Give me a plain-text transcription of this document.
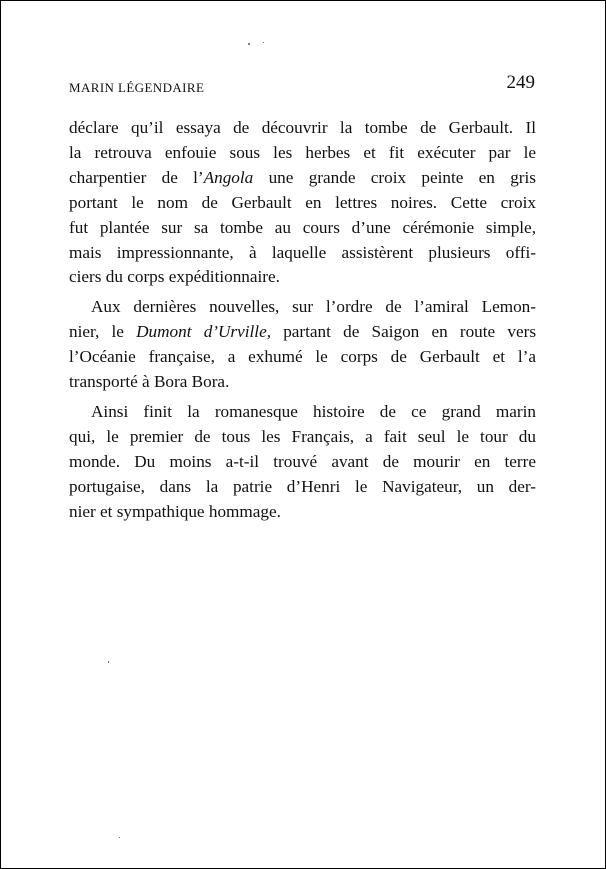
MARIN LÉGENDAIRE	249

déclare qu’il essaya de découvrir la tombe de Gerbault. Il
la retrouva enfouie sous les herbes et fit exécuter par le
charpentier de l’Angola une grande croix peinte en gris
portant le nom de Gerbault en lettres noires. Cette croix
fut plantée sur sa tombe au cours d’une cérémonie simple,
mais impressionnante, à laquelle assistèrent plusieurs offi-
ciers du corps expéditionnaire.

Aux dernières nouvelles, sur l’ordre de l’amiral Lemon-
nier, le Dumont d’Urville, partant de Saigon en route vers
l’Océanie française, a exhumé le corps de Gerbault et l’a
transporté à Bora Bora.

Ainsi finit la romanesque histoire de ce grand marin
qui, le premier de tous les Français, a fait seul le tour du
monde. Du moins a-t-il trouvé avant de mourir en terre
portugaise, dans la patrie d’Henri le Navigateur, un der-
nier et sympathique hommage.
